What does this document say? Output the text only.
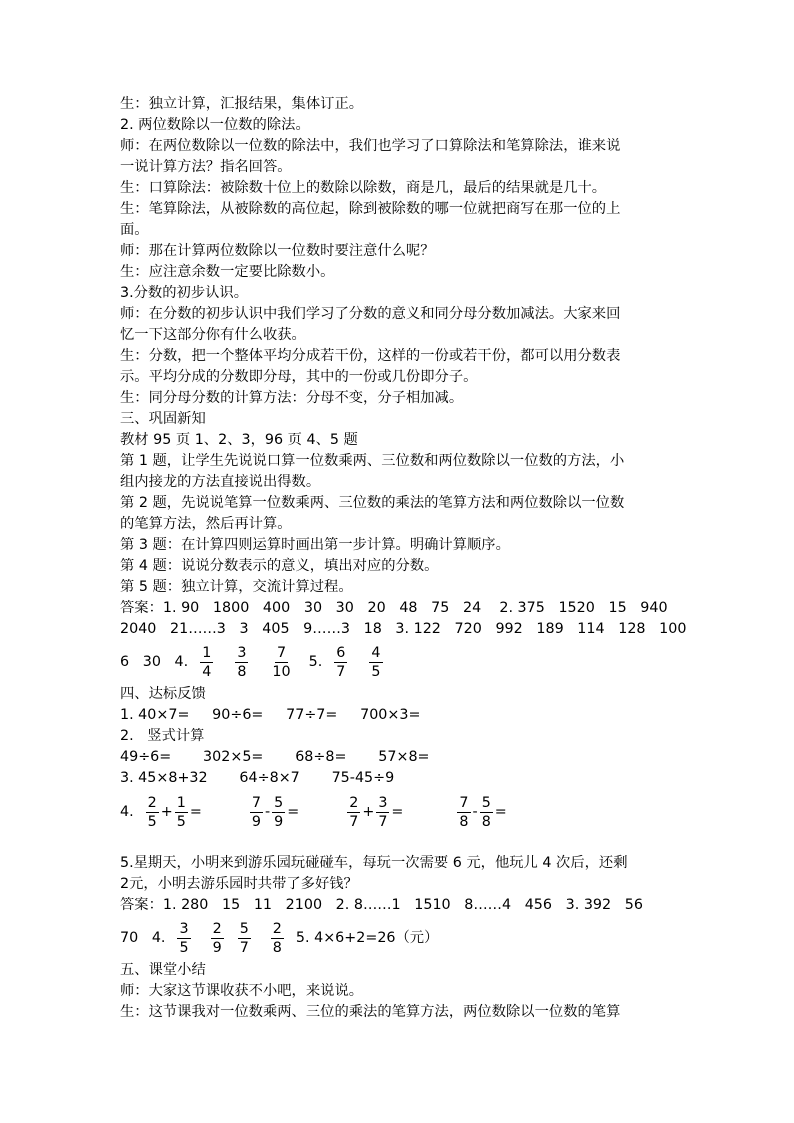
生：独立计算，汇报结果，集体订正。
2. 两位数除以一位数的除法。
师：在两位数除以一位数的除法中，我们也学习了口算除法和笔算除法，谁来说
一说计算方法？指名回答。
生：口算除法：被除数十位上的数除以除数，商是几，最后的结果就是几十。
生：笔算除法，从被除数的高位起，除到被除数的哪一位就把商写在那一位的上
面。
师：那在计算两位数除以一位数时要注意什么呢？
生：应注意余数一定要比除数小。
3.分数的初步认识。
师：在分数的初步认识中我们学习了分数的意义和同分母分数加减法。大家来回
忆一下这部分你有什么收获。
生：分数，把一个整体平均分成若干份，这样的一份或若干份，都可以用分数表
示。平均分成的分数即分母，其中的一份或几份即分子。
生：同分母分数的计算方法：分母不变，分子相加减。
三、巩固新知
教材 95 页 1、2、3，96 页 4、5 题
第 1 题，让学生先说说口算一位数乘两、三位数和两位数除以一位数的方法，小
组内接龙的方法直接说出得数。
第 2 题，先说说笔算一位数乘两、三位数的乘法的笔算方法和两位数除以一位数
的笔算方法，然后再计算。
第 3 题：在计算四则运算时画出第一步计算。明确计算顺序。
第 4 题：说说分数表示的意义，填出对应的分数。
第 5 题：独立计算，交流计算过程。
答案：1. 90   1800   400   30   30   20   48   75   24    2. 375   1520   15   940
2040   21……3   3   405   9……3   18   3. 122   720   992   189   114   128   100
6   30   4. $\frac{1}{4} \frac{3}{8} \frac{7}{10} 5$. $\frac{6}{7} \frac{4}{5}$
四、达标反馈
1. 40×7=     90÷6=     77÷7=     700×3=
2.   竖式计算
49÷6=       302×5=       68÷8=       57×8=
3. 45×8+32       64÷8×7       75-45÷9
4. $\frac{2}{5} + \frac{1}{5}$ =	$\frac{7}{9} - \frac{5}{9}$ =	$\frac{2}{7} + \frac{3}{7}$ =	$\frac{7}{8} - \frac{5}{8}$ =
5.星期天，小明来到游乐园玩碰碰车，每玩一次需要 6 元，他玩儿 4 次后，还剩
2元，小明去游乐园时共带了多好钱？
答案：1. 280   15   11   2100   2. 8……1   1510   8……4   456   3. 392   56
70   4. $\frac{3}{5} \frac{2}{9} \frac{5}{7} \frac{2}{8} 5$. 4×6+2=26（元）
五、课堂小结
师：大家这节课收获不小吧，来说说。
生：这节课我对一位数乘两、三位的乘法的笔算方法，两位数除以一位数的笔算
